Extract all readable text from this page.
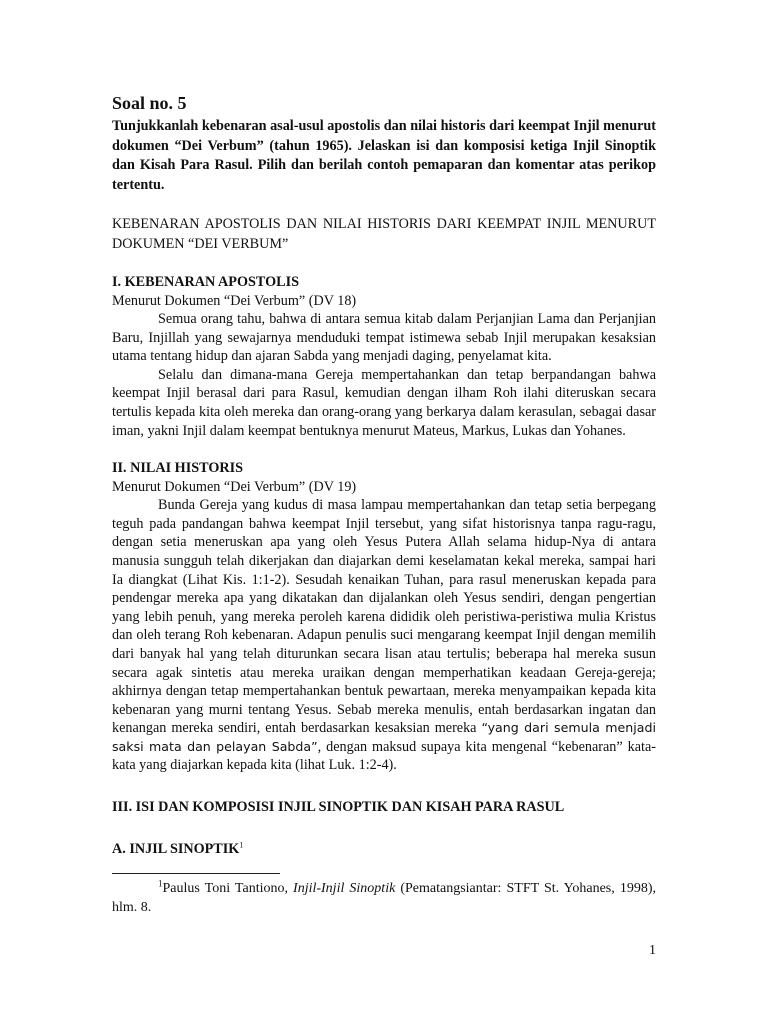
Soal no. 5

Tunjukkanlah kebenaran asal-usul apostolis dan nilai historis dari keempat Injil menurut dokumen “Dei Verbum” (tahun 1965). Jelaskan isi dan komposisi ketiga Injil Sinoptik dan Kisah Para Rasul. Pilih dan berilah contoh pemaparan dan komentar atas perikop tertentu.

KEBENARAN APOSTOLIS DAN NILAI HISTORIS DARI KEEMPAT INJIL MENURUT DOKUMEN “DEI VERBUM”

I. KEBENARAN APOSTOLIS

Menurut Dokumen “Dei Verbum” (DV 18)

Semua orang tahu, bahwa di antara semua kitab dalam Perjanjian Lama dan Perjanjian Baru, Injillah yang sewajarnya menduduki tempat istimewa sebab Injil merupakan kesaksian utama tentang hidup dan ajaran Sabda yang menjadi daging, penyelamat kita.

Selalu dan dimana-mana Gereja mempertahankan dan tetap berpandangan bahwa keempat Injil berasal dari para Rasul, kemudian dengan ilham Roh ilahi diteruskan secara tertulis kepada kita oleh mereka dan orang-orang yang berkarya dalam kerasulan, sebagai dasar iman, yakni Injil dalam keempat bentuknya menurut Mateus, Markus, Lukas dan Yohanes.

II. NILAI HISTORIS

Menurut Dokumen “Dei Verbum” (DV 19)

Bunda Gereja yang kudus di masa lampau mempertahankan dan tetap setia berpegang teguh pada pandangan bahwa keempat Injil tersebut, yang sifat historisnya tanpa ragu-ragu, dengan setia meneruskan apa yang oleh Yesus Putera Allah selama hidup-Nya di antara manusia sungguh telah dikerjakan dan diajarkan demi keselamatan kekal mereka, sampai hari Ia diangkat (Lihat Kis. 1:1-2). Sesudah kenaikan Tuhan, para rasul meneruskan kepada para pendengar mereka apa yang dikatakan dan dijalankan oleh Yesus sendiri, dengan pengertian yang lebih penuh, yang mereka peroleh karena dididik oleh peristiwa-peristiwa mulia Kristus dan oleh terang Roh kebenaran. Adapun penulis suci mengarang keempat Injil dengan memilih dari banyak hal yang telah diturunkan secara lisan atau tertulis; beberapa hal mereka susun secara agak sintetis atau mereka uraikan dengan memperhatikan keadaan Gereja-gereja; akhirnya dengan tetap mempertahankan bentuk pewartaan, mereka menyampaikan kepada kita kebenaran yang murni tentang Yesus. Sebab mereka menulis, entah berdasarkan ingatan dan kenangan mereka sendiri, entah berdasarkan kesaksian mereka “yang dari semula menjadi saksi mata dan pelayan Sabda”, dengan maksud supaya kita mengenal “kebenaran” kata-kata yang diajarkan kepada kita (lihat Luk. 1:2-4).

III. ISI DAN KOMPOSISI INJIL SINOPTIK DAN KISAH PARA RASUL
A. INJIL SINOPTIK$^1$

$^1$Paulus Toni Tantiono, Injil-Injil Sinoptik (Pematangsiantar: STFT St. Yohanes, 1998), hlm. 8.

1
